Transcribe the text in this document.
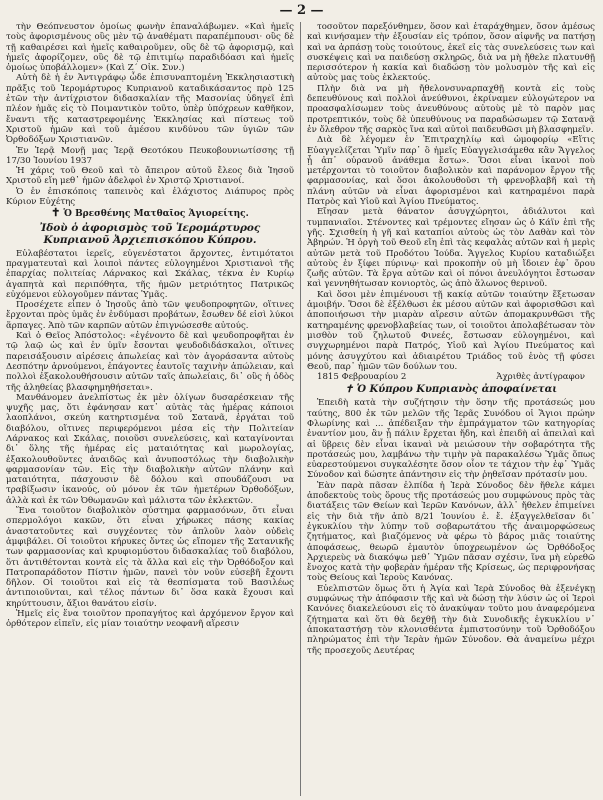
— 2 —

τὴν Θεόπνευστον ὁμοίως φωνὴν ἐπαναλάβωμεν. «Καὶ ἡμεῖς τοὺς ἀφορισμένους οὓς μὲν τῷ ἀναθέματι παραπέμπουσι· οὓς δὲ τῇ καθαιρέσει καὶ ἡμεῖς καθαιροῦμεν, οὓς δὲ τῷ ἀφορισμῷ, καὶ ἡμεῖς ἀφορίζομεν, οὓς δὲ τῷ ἐπιτιμίῳ παραδιδόασι καὶ ἡμεῖς ὁμοίως ὑποβάλλομεν» (Καὶ Ζ΄ Οἰκ. Συν.)

Αὐτὴ δὲ ἡ ἐν Ἀντιγράφῳ ὧδε ἐπισυναπτομένη Ἐκκλησιαστικὴ πρᾶξις τοῦ Ἱερομάρτυρος Κυπριανοῦ καταδικάσαντος πρὸ 125 ἐτῶν τὴν ἀντίχριστον διδασκαλίαν τῆς Μασονίας ὑδηγεῖ ἐπὶ πλέον ἡμᾶς εἰς τὸ Ποιμαντικὸν τοῦτο, ὑπὲρ ὑπόχρεων καθῆκον, ἔναντι τῆς καταστρεφομένης Ἐκκλησίας καὶ πίστεως τοῦ Χριστοῦ ἡμῶν καὶ τοῦ ἀμέσου κινδύνου τῶν ὑγιῶν τῶν Ὀρθοδόξων Χριστιανῶν.

Ἐν Ἱερᾷ Μονῇ μας Ἱερᾷ Θεοτόκου Πευκοβουνιωτίσσης τῇ 17/30 Ἰουνίου 1937

Ἡ χάρις τοῦ Θεοῦ καὶ τὸ ἄπειρον αὐτοῦ ἔλεος διὰ Ἰησοῦ Χριστοῦ εἴη μεθ᾽ ἡμῶν ἀδελφοὶ ἐν Χριστῷ Χριστιανοί.

Ὁ ἐν ἐπισκόποις ταπεινὸς καὶ ἐλάχιστος Διάπυρος πρὸς Κύριον Εὐχέτης

✝ Ὁ Βρεσθένης Ματθαῖος Ἁγιορείτης.

Ἰδοὺ ὁ ἀφορισμὸς τοῦ Ἱερομάρτυρος Κυπριανοῦ Ἀρχιεπισκόπου Κύπρου.

Εὐλαβέστατοι ἱερεῖς, εὐγενέστατοι ἄρχοντες, ἐντιμότατοι πραγματευταὶ καὶ λοιποὶ πάντες εὐλογημένοι Χριστιανοὶ τῆς ἐπαρχίας πολιτείας Λάρνακος καὶ Σκάλας, τέκνα ἐν Κυρίῳ ἀγαπητὰ καὶ περιπόθητα, τῆς ἡμῶν μετριότητος Πατρικῶς εὐχόμενοι εὐλογοῦμεν πάντας Ὑμᾶς.

Προσέχετε εἶπεν ὁ Ἰησοῦς ἀπὸ τῶν ψευδοπροφητῶν, οἵτινες ἔρχονται πρὸς ὑμᾶς ἐν ἐνδύμασι προβάτων, ἔσωθεν δέ εἰσὶ λύκοι ἅρπαγες. Ἀπὸ τῶν καρπῶν αὐτῶν ἐπιγνώσεσθε αὐτούς.

Καὶ ὁ Θεῖος Ἀπόστολος: «ἐγένοντο δὲ καὶ ψευδοπροφῆται ἐν τῷ λαῷ ὡς καὶ ἐν ὑμῖν ἔσονται ψευδοδιδάσκαλοι, οἵτινες παρεισάξουσιν αἱρέσεις ἀπωλείας καὶ τὸν ἀγοράσαντα αὐτοὺς Δεσπότην ἀρνούμενοι, ἐπάγοντες ἑαυτοῖς ταχινὴν ἀπώλειαν, καὶ πολλοὶ ἐξακολουθήσουσιν αὐτῶν ταῖς ἀπωλείαις, δι᾽ οὓς ἡ ὁδὸς τῆς ἀληθείας βλασφημηθήσεται».

Μανθάνομεν ἀνελπίστως ἐκ μὲν ὀλίγων δυσαρέσκειαν τῆς ψυχῆς μας, ὅτι ἐφάνησαν κατ᾽ αὐτὰς τὰς ἡμέρας κάποιοι λαοπλάνοι, σκεύη κατηρτισμένα τοῦ Σατανᾶ, ἐργάται τοῦ διαβόλου, οἵτινες περιφερόμενοι μέσα εἰς τὴν Πολιτείαν Λάρνακος καὶ Σκάλας, ποιοῦσι συνελεύσεις, καὶ καταγίνονται δι᾽ ὅλης τῆς ἡμέρας εἰς ματαιότητας καὶ μωρολογίας, ἐξακολουθοῦντες ἀναιδῶς καὶ ἀνυποστόλως τὴν διαβολικὴν φαρμασονίαν τῶν. Εἰς τὴν διαβολικὴν αὐτῶν πλάνην καὶ ματαιότητα, πάσχουσιν δὲ δόλου καὶ σπουδάζουσι να τραβίξωσιν ἱκανούς, οὐ μόνον ἐκ τῶν ἡμετέρων Ὀρθοδόξων, ἀλλὰ καὶ ἐκ τῶν Ὀθωμανῶν καὶ μάλιστα τῶν ἐκλεκτῶν.

Ἕνα τοιοῦτον διαβολικὸν σύστημα φαρμασόνων, ὅτι εἶναι σπερμολόγοι κακῶν, ὅτι εἶναι χήρωκες πάσης κακίας ἀναστατοῦντες καὶ συγχέοντες τὸν ἁπλοῦν λαὸν οὐδεὶς ἀμφιβάλει. Οἱ τοιοῦτοι κήρυκες ὄντες ὡς εἴπομεν τῆς Σατανικῆς των φαρμασονίας καὶ κρυφιομύστου διδασκαλίας τοῦ διαβόλου, ὅτι ἀντιθέτονται κοντὰ εἰς τὰ ἄλλα καὶ εἰς τὴν Ὀρθόδοξον καὶ Πατροπαράδοτον Πίστιν ἡμῶν, πανεὶ τὸν νοῦν εὐσεβῆ ἔχοντι δῆλον. Οἱ τοιοῦτοι καὶ εἰς τὰ θεσπίσματα τοῦ Βασιλέως ἀντιποιοῦνται, καὶ τέλος πάντων δι᾽ ὅσα κακὰ ἔχουσι καὶ κηρύττουσιν, ἄξιοι θανάτου εἰσίν.

Ἡμεῖς εἰς ἕνα τοιοῦτον προπαγήτος καὶ ἀρχόμενον ἔργον καὶ ὀρθότερον εἰπεῖν, εἰς μίαν τοιαύτην νεοφανῆ αἵρεσιν

τοσοῦτον παρεξόνθημεν, ὅσον καὶ ἐταράχθημεν, ὅσον ἀμέσως καὶ κινήσαμεν τὴν ἐξουσίαν εἰς τρόπον, ὅσον αἰφνῆς να πατήσῃ καὶ να ἁρπάσῃ τοὺς τοιούτους, ἐκεῖ εἰς τὰς συνελεύσεις των καὶ συσκέψεις καὶ να παιδεύσῃ σκληρῶς, διὰ να μὴ ἤθελε πλατυνθῇ περισσότερον ἡ κακία καὶ διαδώσῃ τὸν μολυσμὸν τῆς καὶ εἰς αὐτοὺς μας τοὺς ἐκλεκτούς.

Πλὴν διὰ να μὴ ἤθελονσυναρπαχθῇ κοντὰ εἰς τοὺς δεπευθύνους καὶ πολλοὶ ἀνεύθυνοι, ἐκρίναμεν εὐλογώτερον να προασφαλίσωμεν τοὺς ἀνευθύνους αὐτοὺς μὲ τὸ παρὸν μας προτρεπτικόν, τοὺς δὲ ὑπευθύνους να παραδώσωμεν τῷ Σατανᾷ ἐν ὄλεθρον τῆς σαρκὸς ἵνα καὶ αὐτοὶ παιδευθῶσι μὴ βλασφημεῖν.

Διὰ δὲ λέγομεν ἐν Ἐπιτραχηλίῳ καὶ ὡμοφορίῳ «Εἴτις Εὐαγγελίζεται Ὑμῖν παρ᾽ ὃ ἡμεῖς Εὐαγγελισάμεθα κἂν Ἄγγελος ᾖ ἀπ᾽ οὐρανοῦ ἀνάθεμα ἔστω». Ὅσοι εἶναι ἱκανοὶ ποὺ μετέρχονται τὸ τοιοῦτον διαβολικὸν καὶ παράνομον ἔργον τῆς φαρμασονίας, καὶ ὅσοι ἀκολουθοῦσι τὴ φρενοβλαβῆ καὶ τὴ πλάνη αὐτῶν νὰ εἶναι ἀφορισμένοι καὶ κατηραμένοι παρὰ Πατρὸς καὶ Υἱοῦ καὶ Ἁγίου Πνεύματος.

Εἴησαν μετὰ θάνατον ἀσυγχώρητοι, ἀδιάλυτοι καὶ τυμπανιαῖοι. Στένοντες καὶ τρέμοντες εἴησαν ὡς ὁ Κάϊν ἐπὶ τῆς γῆς. Σχισθείη ἡ γῆ καὶ καταπίοι αὐτοὺς ὡς τὸν Δαθὰν καὶ τὸν Ἀβηρών. Ἡ ὀργὴ τοῦ Θεοῦ εἴη ἐπὶ τὰς κεφαλὰς αὐτῶν καὶ ἡ μερὶς αὐτῶν μετὰ τοῦ Προδότου Ἰούδα. Ἄγγελος Κυρίου καταδιώξει αὐτοὺς ἐν ξίφει πύρινῳ· καὶ προκοπὴν οὐ μὴ ἴδοιεν ἐφ᾽ ὅρου ζωῆς αὐτῶν. Τὰ ἔργα αὐτῶν καὶ οἱ πόνοι ἀνευλόγητοι ἔστωσαν καὶ γεννηθήτωσαν κονιορτὸς, ὡς ἀπὸ ἅλωνος θερινοῦ.

Καὶ ὅσοι μὲν ἐπιμένουσι τῇ κακίᾳ αὐτῶν τοιαύτην ἕξετωσαν ἀμοιβήν. Ὅσοι δὲ ἐξέλθωσι ἐκ μέσου αὐτῶν καὶ ἀφορισθῶσι καὶ ἀποποιήσωσι τὴν μιαρὰν αἵρεσιν αὐτῶν ἀπομακρυνθῶσι τῆς κατηραμένης φρενοβλαβείας των, οἱ τοιοῦτοι ἀπολαβέτωσαν τὸν μισθὸν τοῦ ζηλωτοῦ Φινεές, ἔστωσαν εὐλογημένοι, καὶ συγχωρημένοι παρὰ Πατρός, Υἱοῦ καὶ Ἁγίου Πνεύματος καὶ μόνης ἀσυγχύτου καὶ ἀδιαιρέτου Τριάδος τοῦ ἑνὸς τῇ φύσει Θεοῦ, παρ᾽ ἡμῶν τῶν δούλων του.

1815 Φεβρουαρίου 2	Ἀχριθὲς ἀντίγραφον

✝ Ὁ Κύπρου Κυπριανὸς ἀποφαίνεται

Ἐπειδὴ κατὰ τὴν συζήτησιν τὴν ὅσην τῆς προτάσεώς μου ταύτης, 800 ἐκ τῶν μελῶν τῆς Ἱερᾶς Συνόδου οἱ Ἅγιοι πρώην Φλωρίνης καὶ ... ἀπέδειξαν τὴν ἐμπράγματον τῶν κατηγορίας ἐναντίον μου, ἂν ᾖ πάλιν ἔρχεται ἤδη, καὶ ἐπειδὴ αἱ ἀπειλαὶ καὶ αἱ ὕβρεις δὲν εἶναι ἱκαναὶ νὰ μειώσουν τὴν σοβαρότητα τῆς προτάσεώς μου, λαμβάνω τὴν τιμὴν νὰ παρακαλέσω Ὑμᾶς ὅπως εὐαρεστούμενοι συγκαλέσητε ὅσον οἷον τε τάχιον τὴν ἐφ᾽ Ὑμᾶς Σύνοδον καὶ δώσητε ἀπάντησιν εἰς τὴν ῥηθεῖσαν πρότασίν μου.

Ἐὰν παρὰ πᾶσαν ἐλπίδα ἡ Ἱερὰ Σύνοδος δὲν ἤθελε κάμει ἀποδεκτοὺς τοὺς ὅρους τῆς προτάσεώς μου συμφώνους πρὸς τὰς διατάξεις τῶν Θείων καὶ Ἱερῶν Κανόνων, ἀλλ᾽ ἤθελεν ἐπιμείνει εἰς τὴν διὰ τῆν ἀπὸ 8/21 Ἰουνίου ἐ. ἔ. ἐξαγγελθεῖσαν δι᾽ ἐγκυκλίου τὴν λύπην τοῦ σοβαρωτάτου τῆς ἀναιμορφώσεως ζητήματος, καὶ βιαζόμενος νὰ φέρω τὸ βάρος μιᾶς τοιαύτης ἀποφάσεως, θεωρῶ ἐμαυτὸν ὑποχρεωμένον ὡς Ὀρθόδοξος Ἀρχιερεὺς νὰ διακόψω μεθ᾽ Ὑμῶν πᾶσαν σχέσιν, ἵνα μὴ εὑρεθῶ ἔνοχος κατὰ τὴν φοβερὰν ἡμέραν τῆς Κρίσεως, ὡς περιφρονήσας τοὺς Θείους καὶ Ἱεροὺς Κανόνας.

Εὐελπιστῶν ὅμως ὅτι ἡ Ἁγία καὶ Ἱερὰ Σύνοδος θὰ ἐξενέγκῃ συμφώνως τὴν ἀπόφασιν τῆς καὶ νὰ δώσῃ τὴν λύσιν ὡς οἱ Ἱεροὶ Κανόνες διακελεύουσι εἰς τὸ ἀνακύψαν τοῦτο μου ἀναφερόμενα ζήτηματα καὶ ὅτι θὰ δεχθῇ τὴν διὰ Συνοδικῆς ἐγκυκλίου ν᾽ ἀποκαταστήσῃ τὸν κλονισθέντα ἐμπιστοσύνην τοῦ Ὀρθοδόξου πληρώματος ἐπὶ τὴν Ἱερὰν ἡμῶν Σύνοδον. Θὰ ἀναμείνω μέχρι τῆς προσεχοῦς Δευτέρας
